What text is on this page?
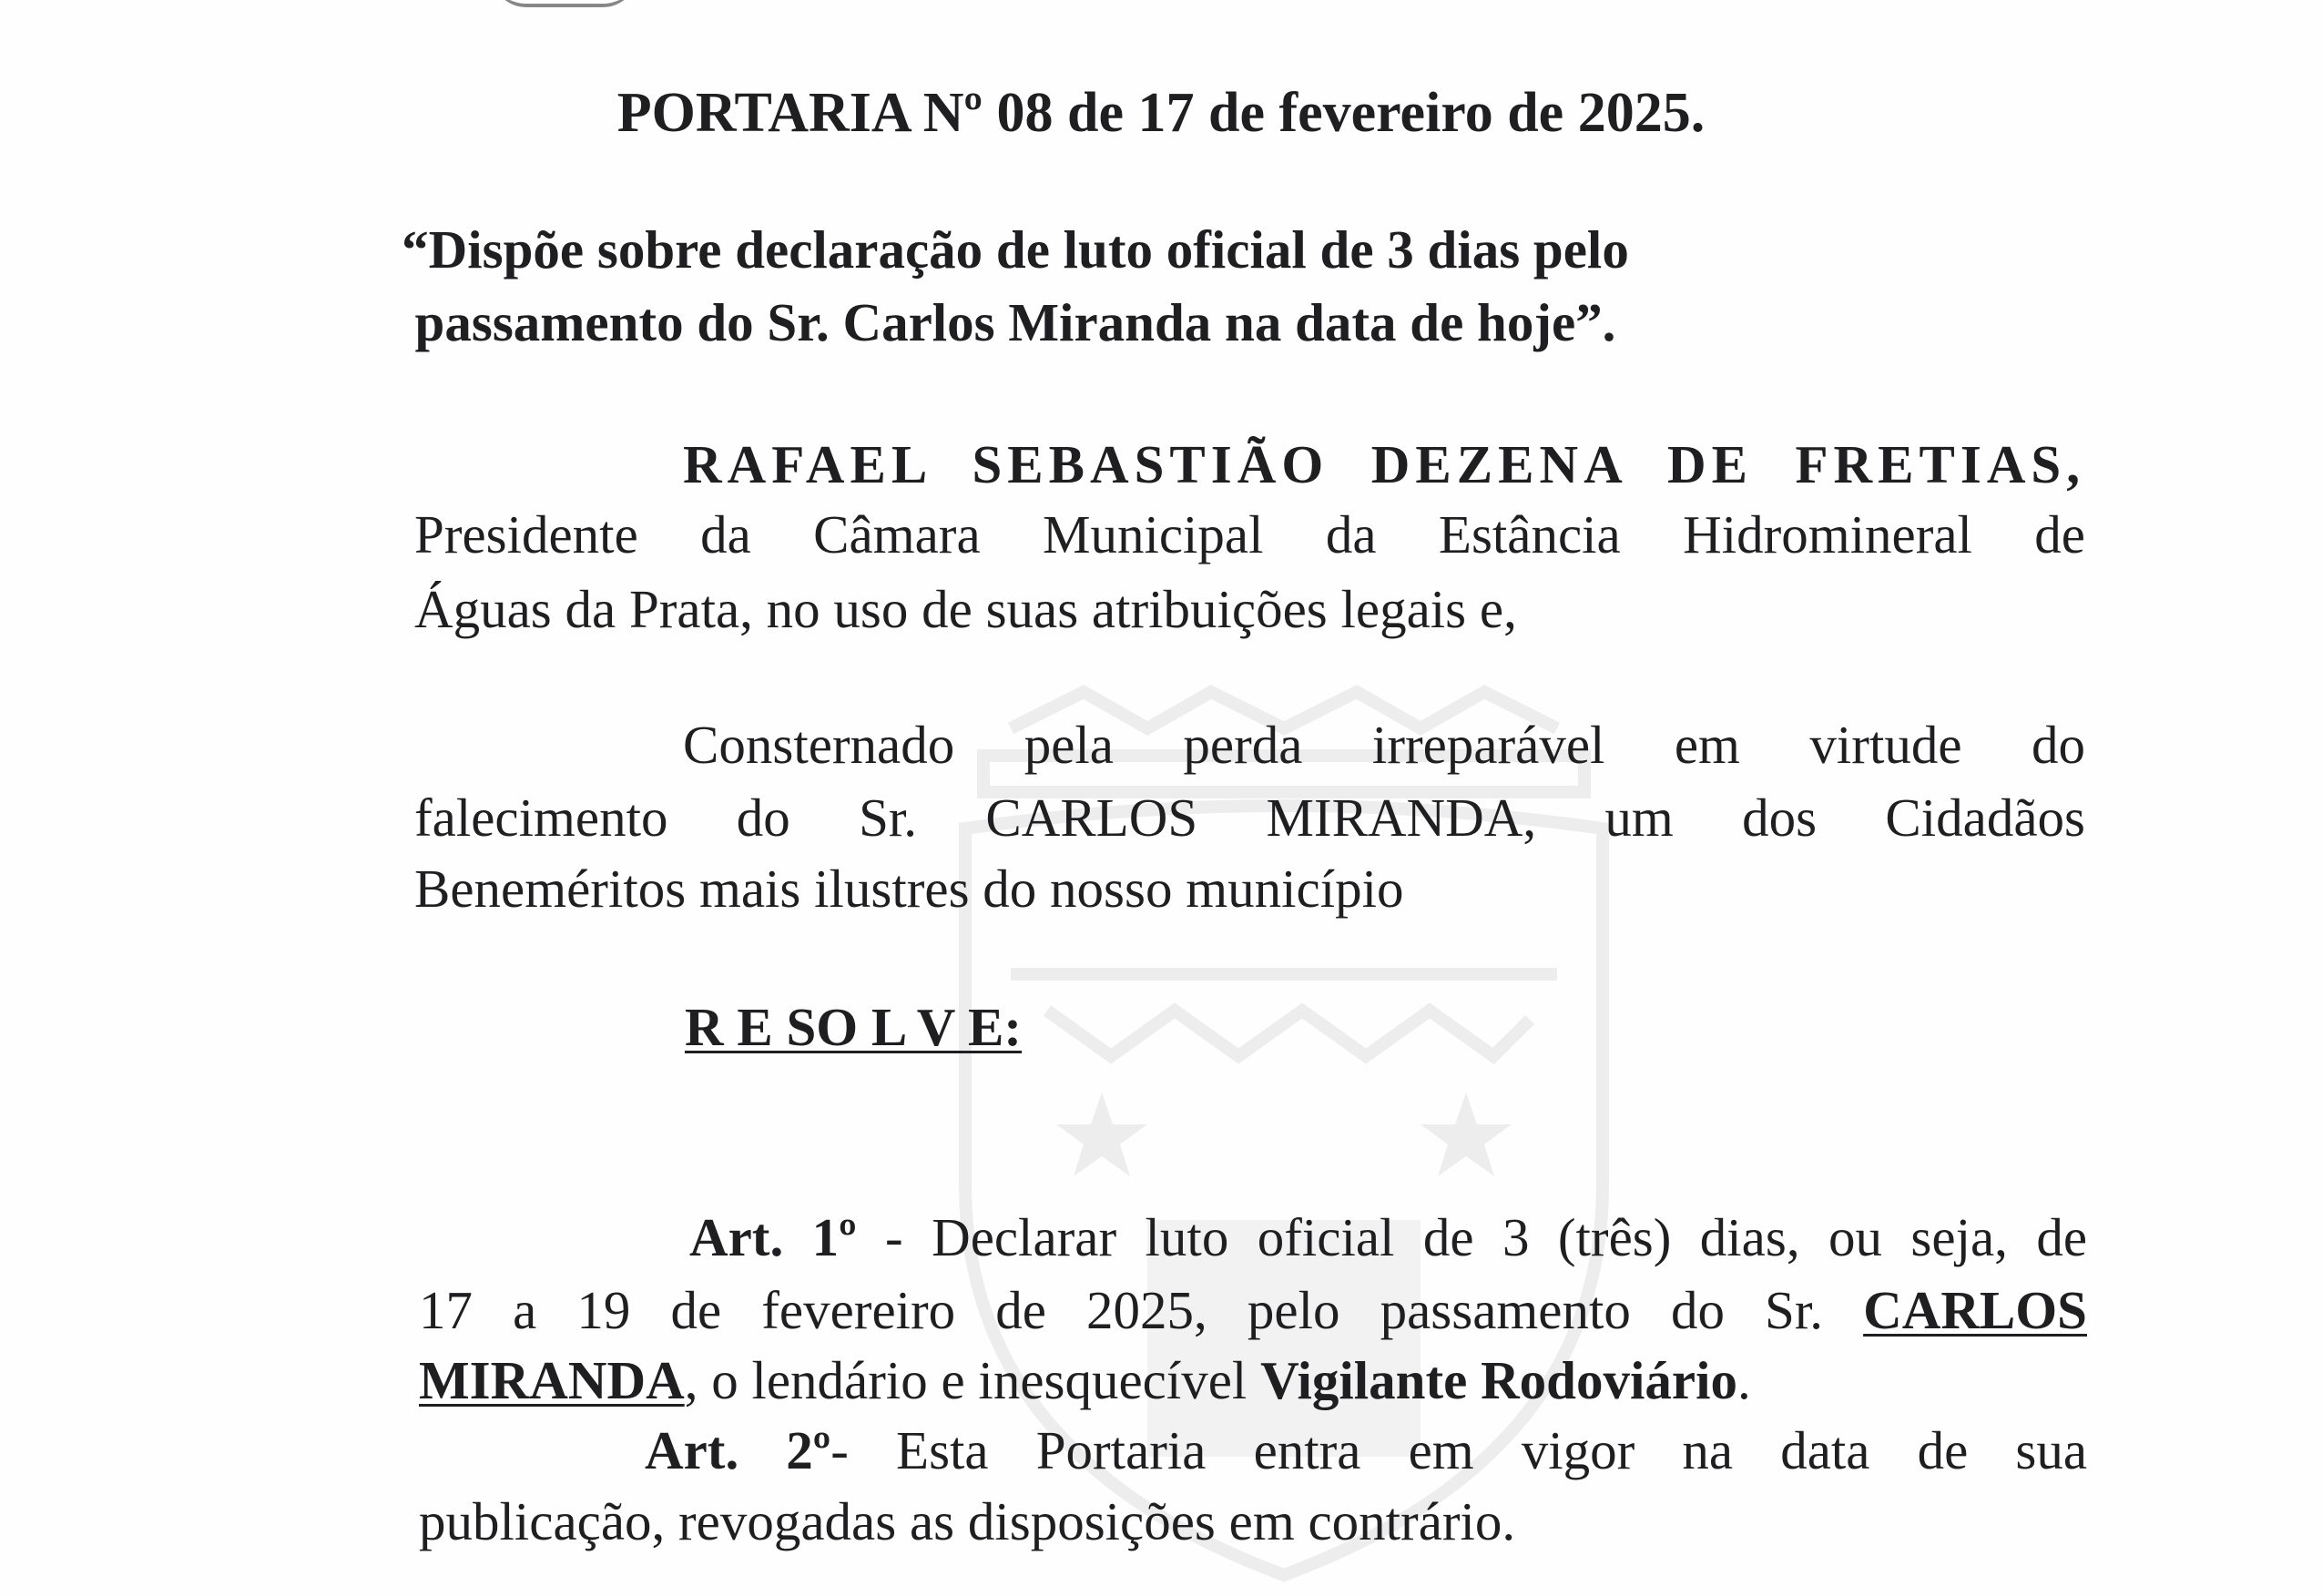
PORTARIA Nº 08 de 17 de fevereiro de 2025.
“Dispõe sobre declaração de luto oficial de 3 dias pelo
passamento do Sr. Carlos Miranda na data de hoje”.
RAFAEL SEBASTIÃO DEZENA DE FRETIAS,
Presidente da Câmara Municipal da Estância Hidromineral de
Águas da Prata, no uso de suas atribuições legais e,
Consternado pela perda irreparável em virtude do
falecimento do Sr. CARLOS MIRANDA, um dos Cidadãos
Beneméritos mais ilustres do nosso município
R E SO L V E:
Art. 1º - Declarar luto oficial de 3 (três) dias, ou seja, de
17 a 19 de fevereiro de 2025, pelo passamento do Sr. CARLOS
MIRANDA, o lendário e inesquecível Vigilante Rodoviário.
Art. 2º- Esta Portaria entra em vigor na data de sua
publicação, revogadas as disposições em contrário.
